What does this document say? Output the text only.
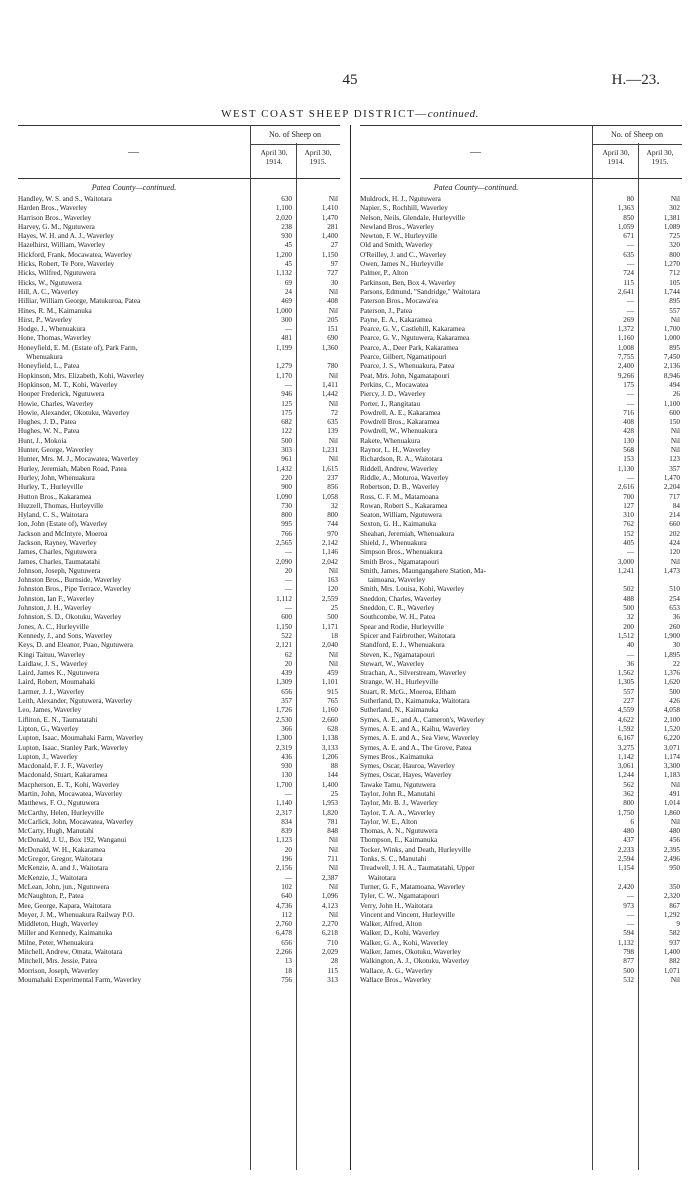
45	H.—23.
WEST COAST SHEEP DISTRICT—continued.
—
No. of Sheep on
April 30, 1914.
April 30, 1915.
—
No. of Sheep on
April 30, 1914.
April 30, 1915.
Patea County—continued.	Patea County—continued.
Handley, W. S. and S., Waitotara	630	Nil
Harden Bros., Waverley	1,100	1,410
Harrison Bros., Waverley	2,020	1,470
Harvey, G. M., Ngutuwera	238	281
Hayes, W. H. and A. J., Waverley	930	1,400
Hazelhirst, William, Waverley	45	27
Hickford, Frank, Mocawatea, Waverley	1,200	1,150
Hicks, Robert, Te Pore, Waverley	45	97
Hicks, Wilfred, Ngutuwera	1,132	727
Hicks, W., Ngutuwera	69	30
Hill, A. C., Waverley	24	Nil
Hilliar, William George, Matukuroa, Patea	469	408
Hines, R. M., Kaimanuka	1,000	Nil
Hirst, P., Waverley	300	205
Hodge, J., Whenuakura	—	151
Hone, Thomas, Waverley	481	690
Honeyfield, E. M. (Estate of), Park Farm,	1,199	1,360
Whenuakura
Honeyfield, L., Patea	1,279	780
Hopkinson, Mrs. Elizabeth, Kohi, Waverley	1,170	Nil
Hopkinson, M. T., Kohi, Waverley	—	1,411
Hooper Frederick, Ngutuwera	946	1,442
Howie, Charles, Waverley	125	Nil
Howie, Alexander, Okotuku, Waverley	175	72
Hughes, J. D., Patea	682	635
Hughes, W. N., Patea	122	139
Hunt, J., Mokoia	500	Nil
Hunter, George, Waverley	303	1,231
Hunter, Mrs. M. J., Mocawatea, Waverley	961	Nil
Hurley, Jeremiah, Maben Road, Patea	1,432	1,615
Hurley, John, Whenuakura	220	237
Hurley, T., Hurleyville	900	856
Hutton Bros., Kakaramea	1,090	1,058
Huzzell, Thomas, Hurleyville	730	32
Hyland, C. S., Waitotara	800	800
Ion, John (Estate of), Waverley	995	744
Jackson and McIntyre, Moeroa	766	970
Jackson, Rayney, Waverley	2,565	2,142
James, Charles, Ngutuwera	—	1,146
James, Charles, Taumatatahi	2,090	2,042
Johnson, Joseph, Ngutuwera	20	Nil
Johnston Bros., Burnside, Waverley	—	163
Johnston Bros., Pipe Terrace, Waverley	—	120
Johnston, Ian F., Waverley	1,112	2,559
Johnston, J. H., Waverley	—	25
Johnston, S. D., Okotuku, Waverley	600	500
Jones, A. C., Hurleyville	1,150	1,171
Kennedy, J., and Sons, Waverley	522	18
Keys, D. and Eleanor, Puao, Ngutuwera	2,121	2,040
Kingi Taituu, Waverley	62	Nil
Laidlaw, J. S., Waverley	20	Nil
Laird, James K., Ngutuwera	439	459
Laird, Robert, Moumahaki	1,309	1,101
Larmer, J. J., Waverley	656	915
Leith, Alexander, Ngutuwera, Waverley	357	765
Leo, James, Waverley	1,726	1,160
Lifliton, E. N., Taumatatahi	2,530	2,660
Lipton, G., Waverley	366	628
Lupton, Isaac, Moumahaki Farm, Waverley	1,300	1,138
Lupton, Isaac, Stanley Park, Waverley	2,319	3,133
Lupton, J., Waverley	436	1,206
Macdonald, F. J. F., Waverley	930	88
Macdonald, Stuart, Kakaramea	130	144
Macpherson, E. T., Kohi, Waverley	1,700	1,400
Martin, John, Mocawatea, Waverley	—	25
Matthews, F. O., Ngutuwera	1,140	1,953
McCarthy, Helen, Hurleyville	2,317	1,820
McCarlick, John, Mocawatea, Waverley	834	781
McCarty, Hugh, Manutahi	839	848
McDonald, J. U., Box 192, Wanganui	1,123	Nil
McDonald, W. H., Kakaramea	20	Nil
McGregor, Gregor, Waitotara	196	711
McKenzie, A. and J., Waitotara	2,156	Nil
McKenzie, J., Waitotara	—	2,387
McLean, John, jun., Ngutuwera	102	Nil
McNaughton, P., Patea	640	1,096
Mee, George, Kapara, Waitotara	4,736	4,123
Meyer, J. M., Whenuakura Railway P.O.	112	Nil
Middleton, Hugh, Waverley	2,760	2,270
Miller and Kennedy, Kaimanuka	6,478	6,218
Milne, Peter, Whenuakura	656	710
Mitchell, Andrew, Omata, Waitotara	2,266	2,029
Mitchell, Mrs. Jessie, Patea	13	28
Morrison, Joseph, Waverley	18	115
Moumahaki Experimental Farm, Waverley	756	313
Muldrock, H. J., Ngutuwera	80	Nil
Napier, S., Rochhill, Waverley	1,363	302
Nelson, Neils, Glendale, Hurleyville	850	1,381
Newland Bros., Waverley	1,059	1,089
Newton, F. W., Hurleyville	671	725
Old and Smith, Waverley	—	320
O'Reilley, J. and C., Waverley	635	800
Owen, James N., Hurleyville	—	1,270
Palmer, P., Alton	724	712
Parkinson, Ben, Box 4, Waverley	115	105
Parsons, Edmund, "Sandridge," Waitotara	2,641	1,744
Paterson Bros., Mocawa'ea	—	895
Paterson, J., Patea	—	557
Payne, E. A., Kakaramea	269	Nil
Pearce, G. V., Castlehill, Kakaramea	1,372	1,700
Pearce, G. V., Ngutuwera, Kakaramea	1,160	1,000
Pearce, A., Deer Park, Kakaramea	1,008	895
Pearce, Gilbert, Ngamatipouri	7,755	7,450
Pearce, J. S., Whenuakura, Patea	2,400	2,136
Peat, Mrs. John, Ngamatapouri	9,266	8,946
Perkins, C., Mocawatea	175	494
Piercy, J. D., Waverley	—	26
Porter, J., Rangitatau	—	1,100
Powdrell, A. E., Kakaramea	716	600
Powdrell Bros., Kakaramea	408	150
Powdrell, W., Whenuakura	428	Nil
Rakete, Whenuakura	130	Nil
Raynor, L. H., Waverley	568	Nil
Richardson, R. A., Waitotara	153	123
Riddell, Andrew, Waverley	1,130	357
Riddle, A., Moturoa, Waverley	—	1,470
Robertson, D. B., Waverley	2,616	2,204
Ross, C. F. M., Matamoana	700	717
Rowan, Robert S., Kakaramea	127	84
Seaton, William, Ngutuwera	310	214
Sexton, G. H., Kaimanuka	762	660
Sheahan, Jeremiah, Whenuakura	152	202
Shield, J., Whenuakura	405	424
Simpson Bros., Whenuakura	—	120
Smith Bros., Ngamatapouri	3,000	Nil
Smith, James, Maungangahere Station, Ma-	1,241	1,473
taimoana, Waverley
Smith, Mrs. Louisa, Kohi, Waverley	502	510
Sneddon, Charles, Waverley	488	254
Sneddon, C. R., Waverley	500	653
Southcombe, W. H., Patea	32	36
Spear and Rodie, Hurleyville	200	260
Spicer and Fairbrother, Waitotara	1,512	1,900
Standford, E. J., Whenuakura	40	30
Steven, K., Ngamatapouri	—	1,895
Stewart, W., Waverley	36	22
Strachan, A., Silverstream, Waverley	1,562	1,376
Strange, W. H., Hurleyville	1,305	1,620
Stuart, R. McG., Moeroa, Eltham	557	500
Sutherland, D., Kaimanuka, Waitotara	227	426
Sutherland, N., Kaimanuka	4,559	4,058
Symes, A. E., and A., Cameron's, Waverley	4,622	2,100
Symes, A. E. and A., Kaihu, Waverley	1,592	1,520
Symes, A. E. and A., Sea View, Waverley	6,167	6,220
Symes, A. E. and A., The Grove, Patea	3,275	3,071
Symes Bros., Kaimanuka	1,142	1,174
Symes, Oscar, Hauroa, Waverley	3,061	3,300
Symes, Oscar, Hayes, Waverley	1,244	1,183
Tawake Tamu, Ngutuwera	562	Nil
Taylor, John R., Manutahi	362	491
Taylor, Mr. B. J., Waverley	800	1,014
Taylor, T. A. A., Waverley	1,750	1,860
Taylor, W. E., Alton	6	Nil
Thomas, A. N., Ngutuwera	480	480
Thompson, E., Kaimanuka	437	456
Tocker, Winks, and Death, Hurleyville	2,233	2,395
Tonks, S. C., Manutahi	2,594	2,496
Treadwell, J. H. A., Taumatatahi, Upper	1,154	950
Waitotara
Turner, G. F., Matamoana, Waverley	2,420	350
Tyler, C. W., Ngamatapouri	—	2,320
Verry, John H., Waitotara	973	867
Vincent and Vincent, Hurleyville	—	1,292
Walker, Alfred, Alton	—	9
Walker, D., Kohi, Waverley	594	582
Walker, G. A., Kohi, Waverley	1,132	937
Walker, James, Okotuku, Waverley	798	1,400
Walkington, A. J., Okotuku, Waverley	877	882
Wallace, A. G., Waverley	500	1,071
Wallace Bros., Waverley	532	Nil
